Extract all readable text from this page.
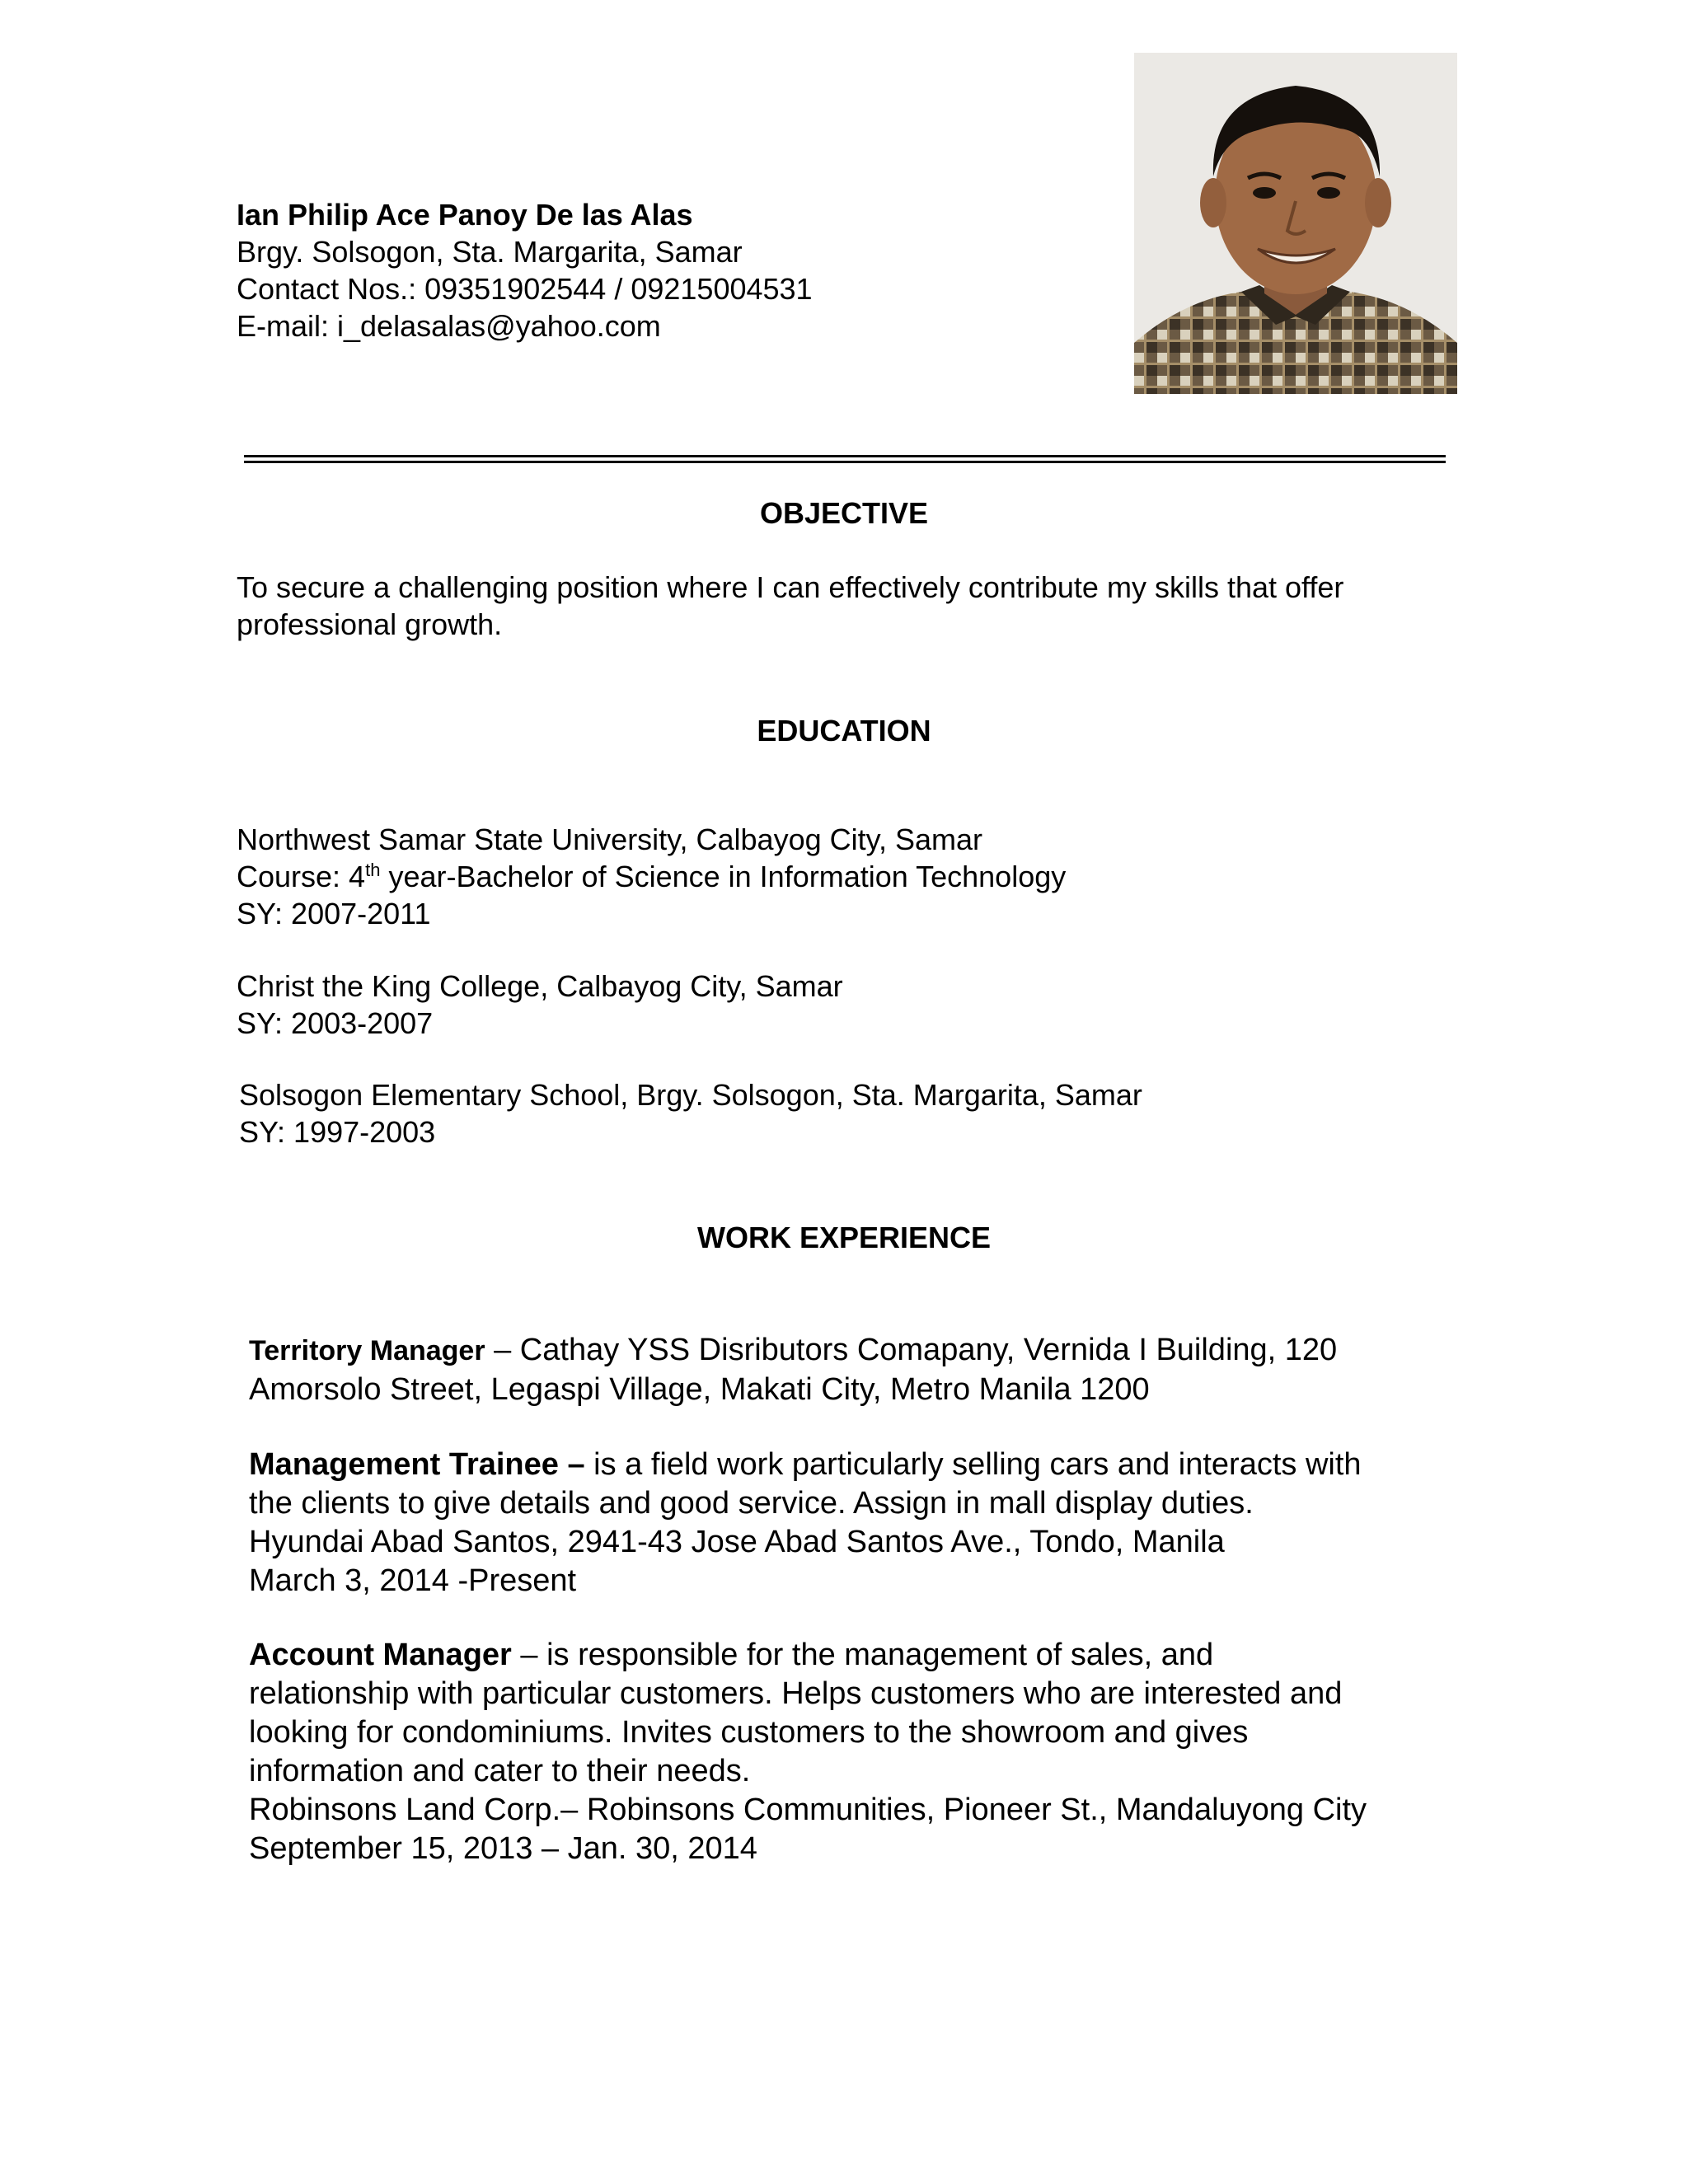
Ian Philip Ace Panoy De las Alas
Brgy. Solsogon, Sta. Margarita, Samar
Contact Nos.: 09351902544 / 09215004531
E-mail: i_delasalas@yahoo.com
OBJECTIVE
To secure a challenging position where I can effectively contribute my skills that offer
professional growth.
EDUCATION
Northwest Samar State University, Calbayog City, Samar
Course: 4th year-Bachelor of Science in Information Technology
SY: 2007-2011
Christ the King College, Calbayog City, Samar
SY: 2003-2007
Solsogon Elementary School, Brgy. Solsogon, Sta. Margarita, Samar
SY: 1997-2003
WORK EXPERIENCE
Territory Manager – Cathay YSS Disributors Comapany, Vernida I Building, 120
Amorsolo Street, Legaspi Village, Makati City, Metro Manila 1200
Management Trainee – is a field work particularly selling cars and interacts with
the clients to give details and good service. Assign in mall display duties.
Hyundai Abad Santos, 2941-43 Jose Abad Santos Ave., Tondo, Manila
March 3, 2014 -Present
Account Manager – is responsible for the management of sales, and
relationship with particular customers. Helps customers who are interested and
looking for condominiums. Invites customers to the showroom and gives
information and cater to their needs.
Robinsons Land Corp.– Robinsons Communities, Pioneer St., Mandaluyong City
September 15, 2013 – Jan. 30, 2014
